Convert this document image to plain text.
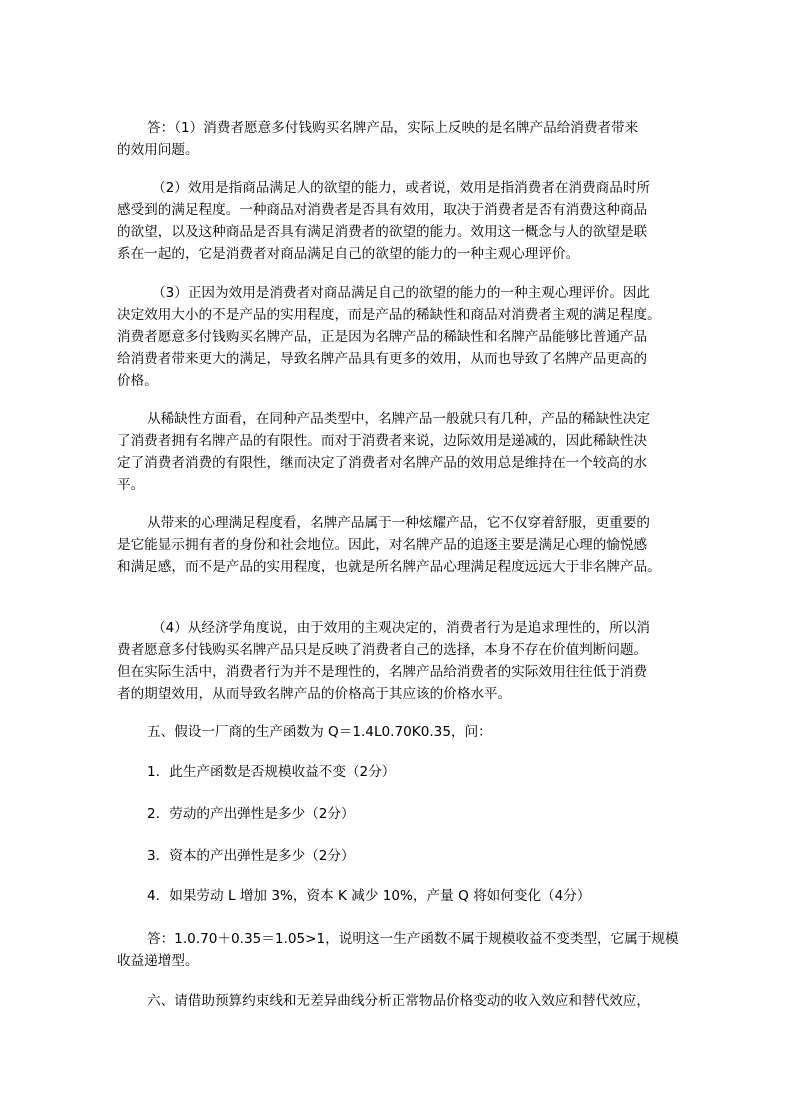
答：（1）消费者愿意多付钱购买名牌产品，实际上反映的是名牌产品给消费者带来
的效用问题。
（2）效用是指商品满足人的欲望的能力，或者说，效用是指消费者在消费商品时所
感受到的满足程度。一种商品对消费者是否具有效用，取决于消费者是否有消费这种商品
的欲望，以及这种商品是否具有满足消费者的欲望的能力。效用这一概念与人的欲望是联
系在一起的，它是消费者对商品满足自己的欲望的能力的一种主观心理评价。
（3）正因为效用是消费者对商品满足自己的欲望的能力的一种主观心理评价。因此
决定效用大小的不是产品的实用程度，而是产品的稀缺性和商品对消费者主观的满足程度。
消费者愿意多付钱购买名牌产品，正是因为名牌产品的稀缺性和名牌产品能够比普通产品
给消费者带来更大的满足，导致名牌产品具有更多的效用，从而也导致了名牌产品更高的
价格。
从稀缺性方面看，在同种产品类型中，名牌产品一般就只有几种，产品的稀缺性决定
了消费者拥有名牌产品的有限性。而对于消费者来说，边际效用是递减的，因此稀缺性决
定了消费者消费的有限性，继而决定了消费者对名牌产品的效用总是维持在一个较高的水
平。
从带来的心理满足程度看，名牌产品属于一种炫耀产品，它不仅穿着舒服，更重要的
是它能显示拥有者的身份和社会地位。因此，对名牌产品的追逐主要是满足心理的愉悦感
和满足感，而不是产品的实用程度，也就是所名牌产品心理满足程度远远大于非名牌产品。
（4）从经济学角度说，由于效用的主观决定的，消费者行为是追求理性的，所以消
费者愿意多付钱购买名牌产品只是反映了消费者自己的选择，本身不存在价值判断问题。
但在实际生活中，消费者行为并不是理性的，名牌产品给消费者的实际效用往往低于消费
者的期望效用，从而导致名牌产品的价格高于其应该的价格水平。
五、假设一厂商的生产函数为 Q＝1.4L0.70K0.35，问：
1．此生产函数是否规模收益不变（2分）
2．劳动的产出弹性是多少（2分）
3．资本的产出弹性是多少（2分）
4．如果劳动 L 增加 3%，资本 K 减少 10%，产量 Q 将如何变化（4分）
答：1.0.70＋0.35＝1.05>1，说明这一生产函数不属于规模收益不变类型，它属于规模
收益递增型。
六、请借助预算约束线和无差异曲线分析正常物品价格变动的收入效应和替代效应，
